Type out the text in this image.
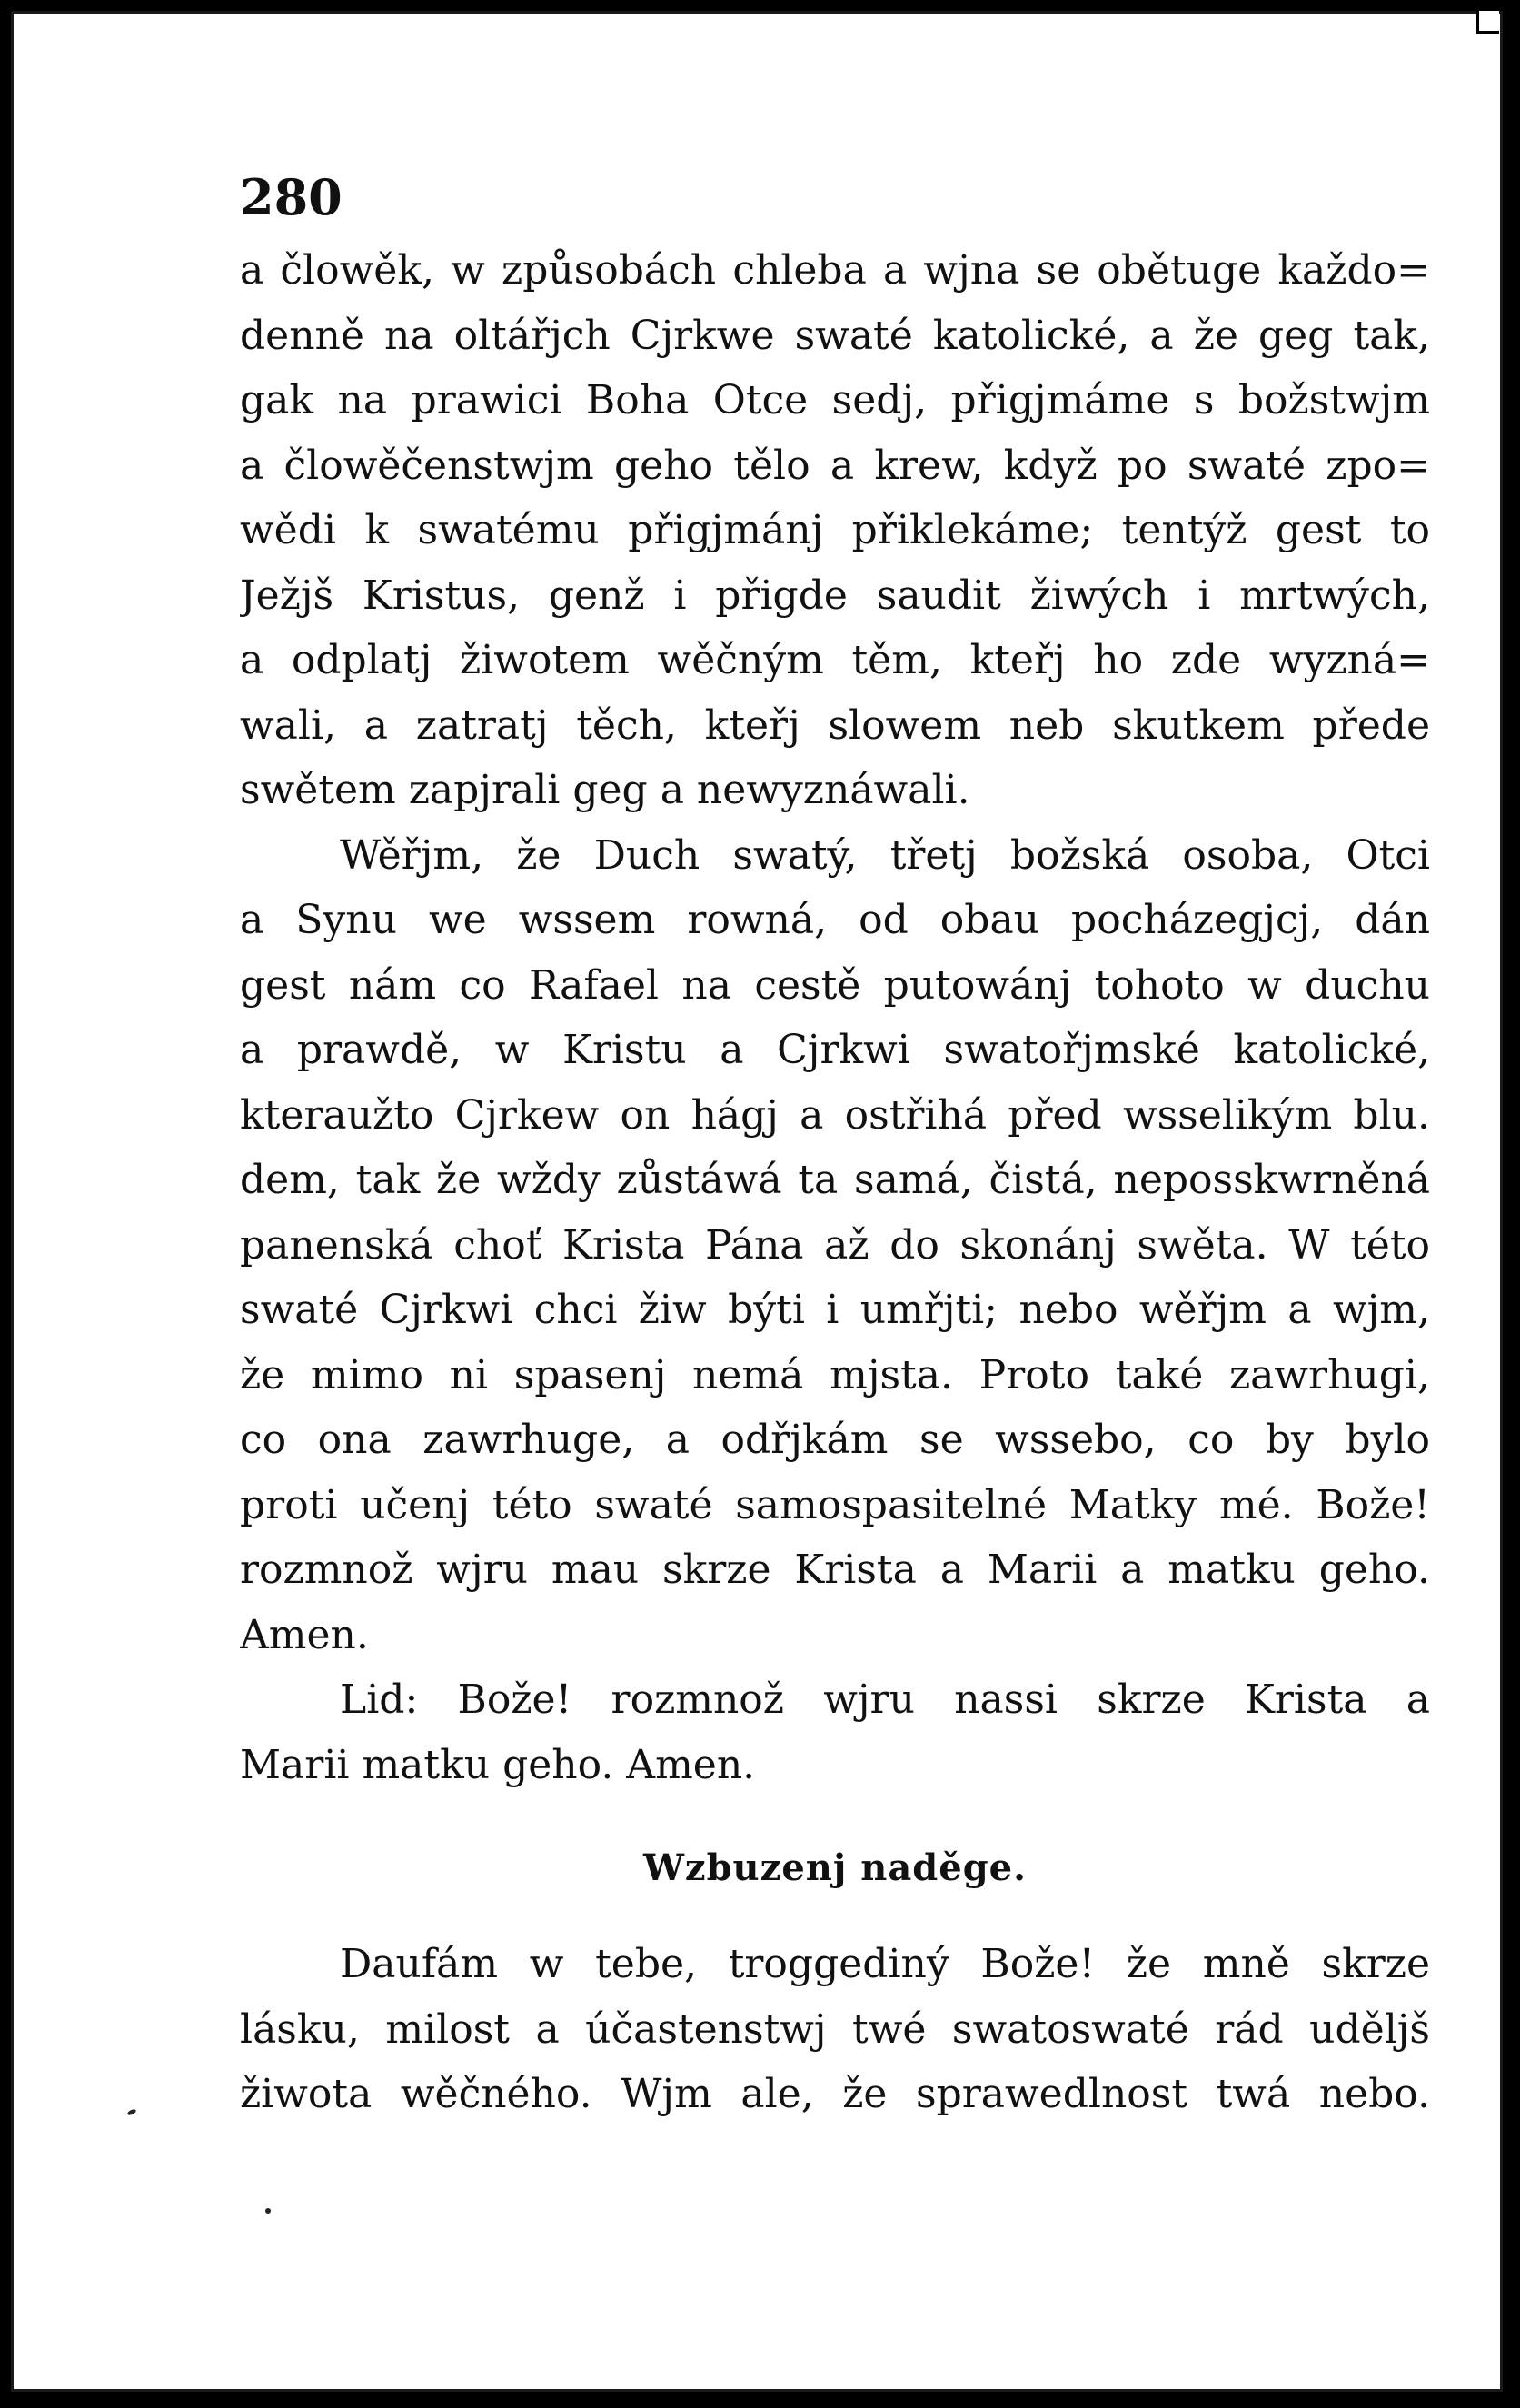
280
a člowěk, w způsobách chleba a wjna se obětuge každo=
denně na oltářjch Cjrkwe swaté katolické, a že geg tak,
gak na prawici Boha Otce sedj, přigjmáme s božstwjm
a člowěčenstwjm geho tělo a krew, když po swaté zpo=
wědi k swatému přigjmánj přiklekáme; tentýž gest to
Ježjš Kristus, genž i přigde saudit žiwých i mrtwých,
a odplatj žiwotem wěčným těm, kteřj ho zde wyzná=
wali, a zatratj těch, kteřj slowem neb skutkem přede
swětem zapjrali geg a newyznáwali.
Wěřjm, že Duch swatý, třetj božská osoba, Otci
a Synu we wssem rowná, od obau pocházegjcj, dán
gest nám co Rafael na cestě putowánj tohoto w duchu
a prawdě, w Kristu a Cjrkwi swatořjmské katolické,
kteraužto Cjrkew on hágj a ostřihá před wsselikým blu.
dem, tak že wždy zůstáwá ta samá, čistá, neposskwrněná
panenská choť Krista Pána až do skonánj swěta. W této
swaté Cjrkwi chci žiw býti i umřjti; nebo wěřjm a wjm,
že mimo ni spasenj nemá mjsta. Proto také zawrhugi,
co ona zawrhuge, a odřjkám se wssebo, co by bylo
proti učenj této swaté samospasitelné Matky mé. Bože!
rozmnož wjru mau skrze Krista a Marii a matku geho.
Amen.
Lid: Bože! rozmnož wjru nassi skrze Krista a
Marii matku geho. Amen.
Wzbuzenj naděge.
Daufám w tebe, troggediný Bože! že mně skrze
lásku, milost a účastenstwj twé swatoswaté rád uděljš
žiwota wěčného. Wjm ale, že sprawedlnost twá nebo.
